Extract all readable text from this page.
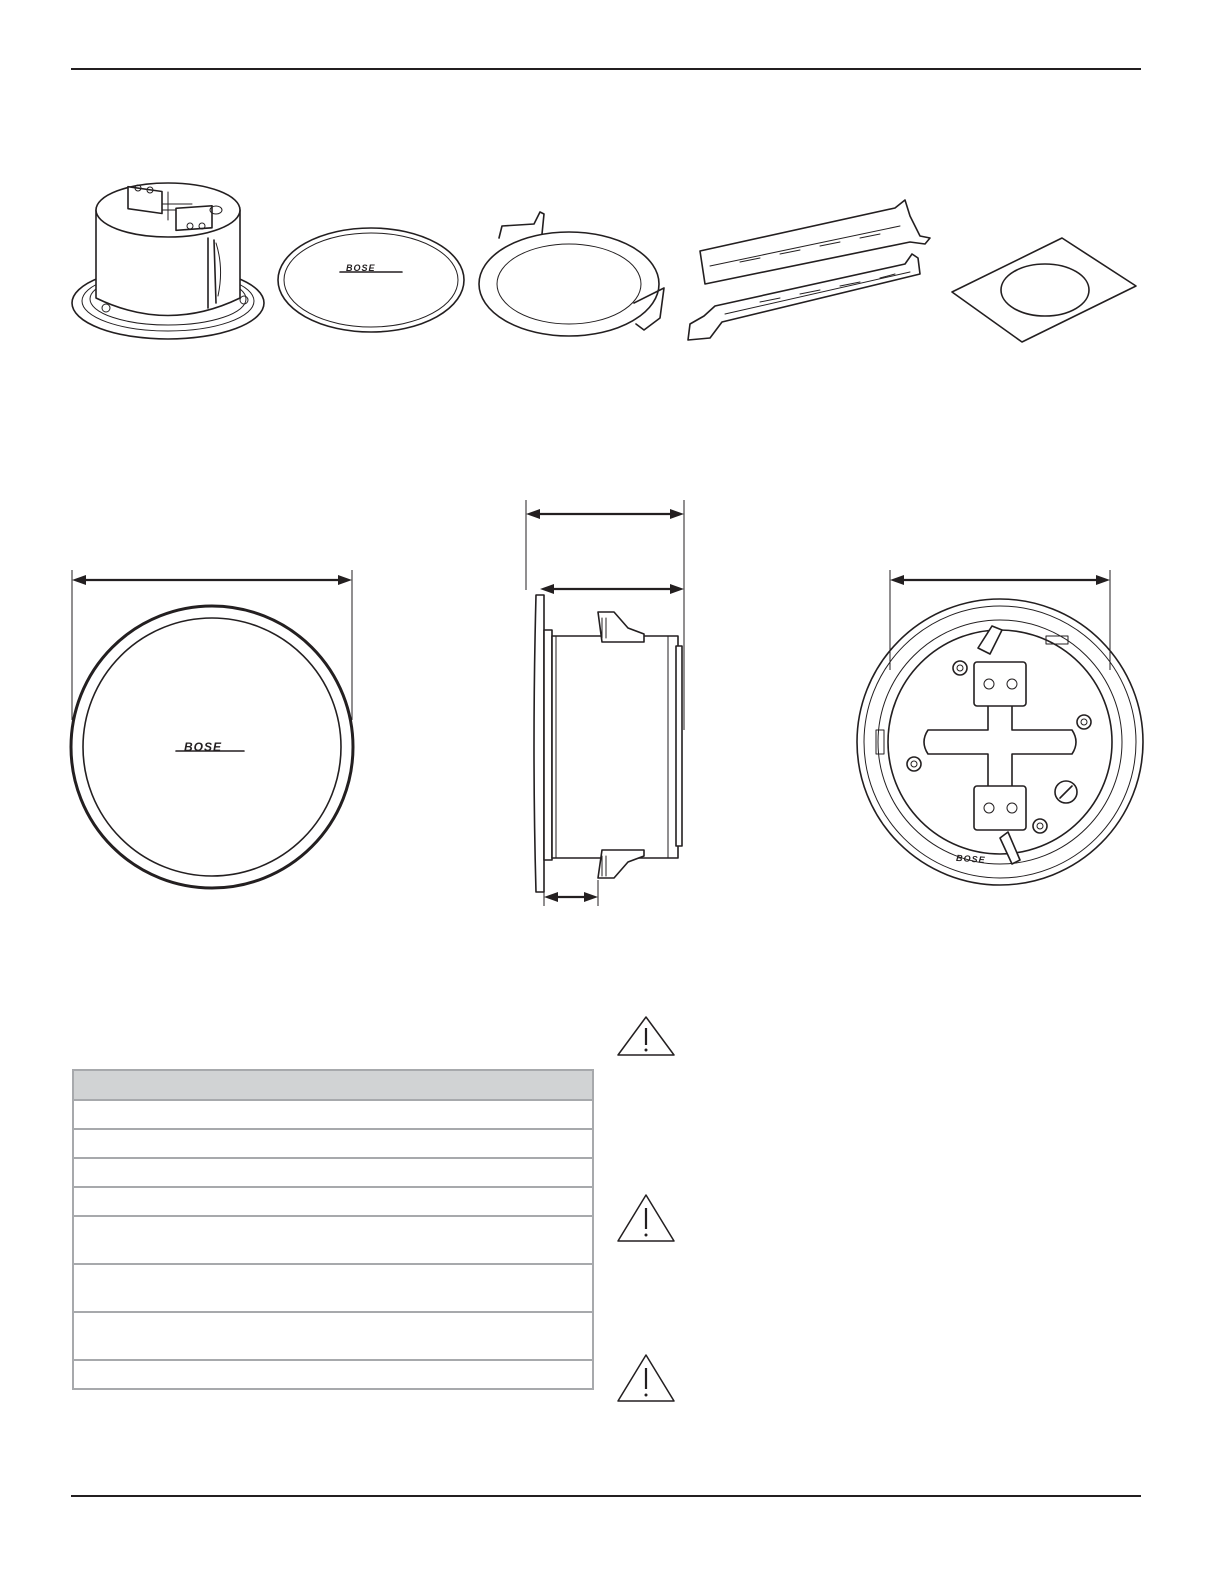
BOSE
BOSE
BOSE
